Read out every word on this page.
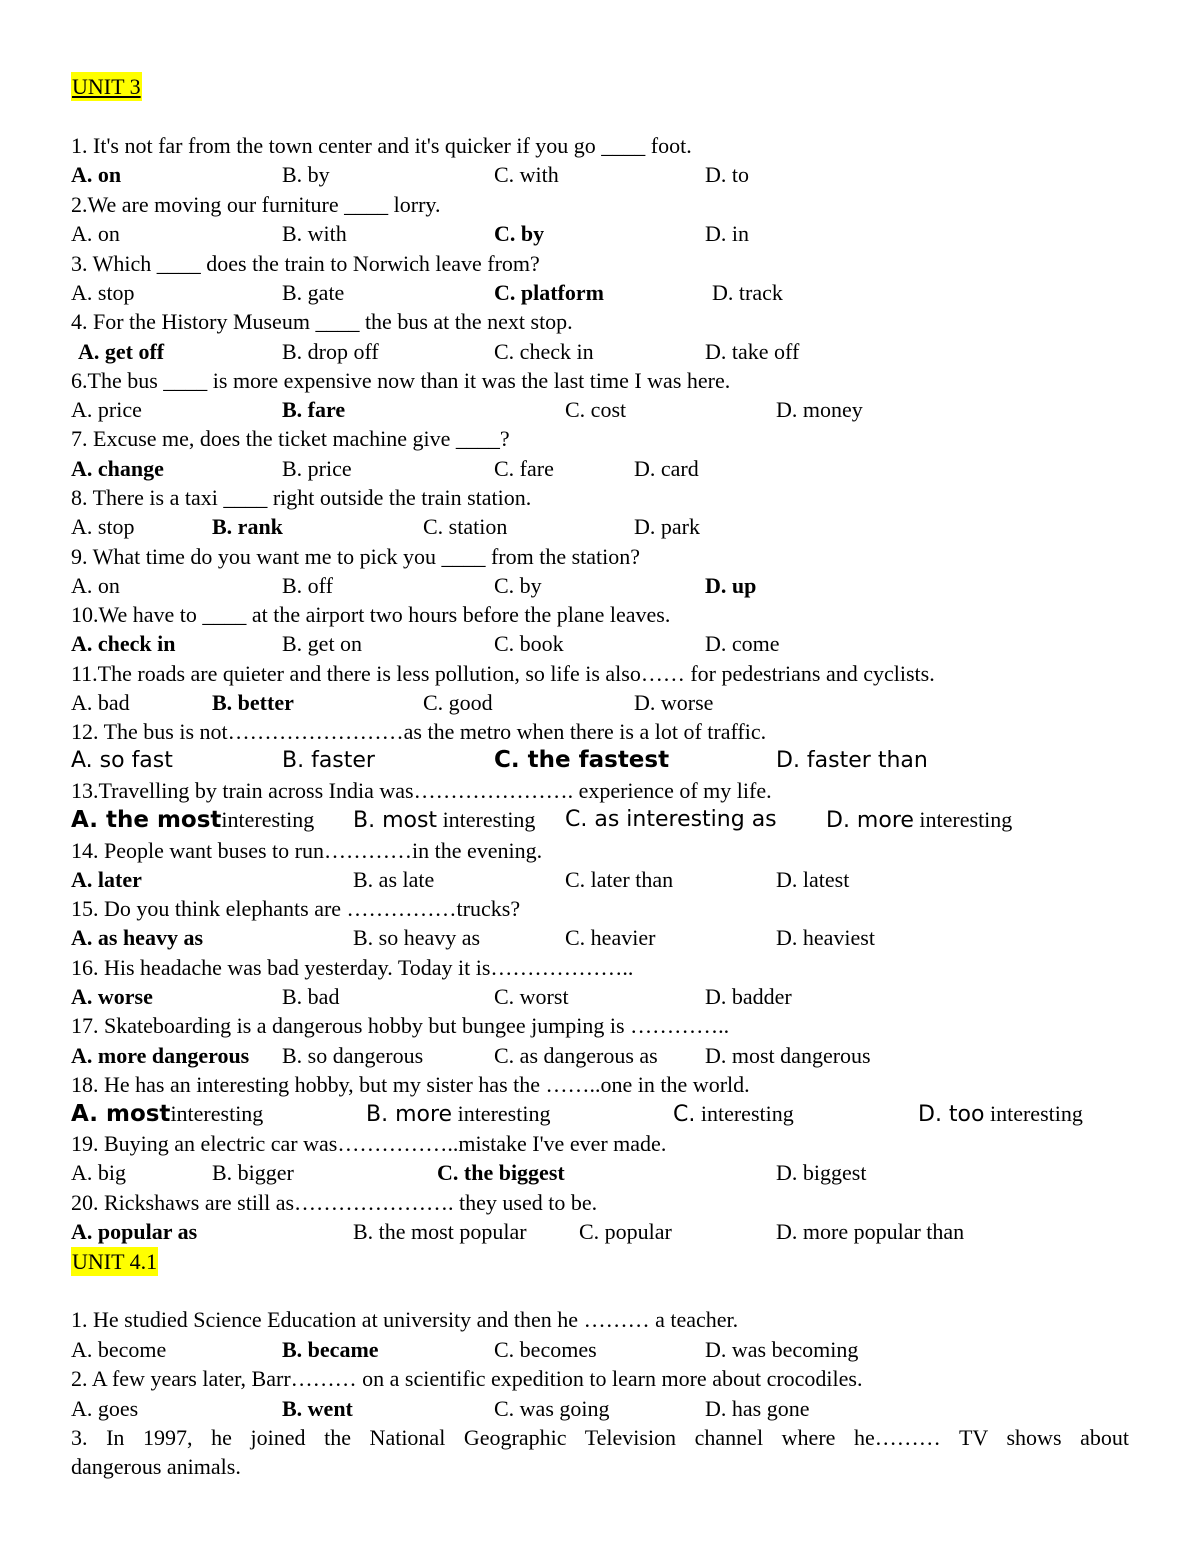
UNIT 3
1. It's not far from the town center and it's quicker if you go ____ foot.
A. on	B. by	C. with	D. to
2.We are moving our furniture ____ lorry.
A. on	B. with	C. by	D. in
3. Which ____ does the train to Norwich leave from?
A. stop	B. gate	C. platform	D. track
4. For the History Museum ____ the bus at the next stop.
A. get off	B. drop off	C. check in	D. take off
6.The bus ____ is more expensive now than it was the last time I was here.
A. price	B. fare	C. cost	D. money
7. Excuse me, does the ticket machine give ____?
A. change	B. price	C. fare	D. card
8. There is a taxi ____ right outside the train station.
A. stop	B. rank	C. station	D. park
9. What time do you want me to pick you ____ from the station?
A. on	B. off	C. by	D. up
10.We have to ____ at the airport two hours before the plane leaves.
A. check in	B. get on	C. book	D. come
11.The roads are quieter and there is less pollution, so life is also…… for pedestrians and cyclists.
A. bad	B. better	C. good	D. worse
12. The bus is not……………………as the metro when there is a lot of traffic.
A. so fast	B. faster	C. the fastest	D. faster than
13.Travelling by train across India was…………………. experience of my life.
A. the mostinteresting B. most interesting C. as interesting as D. more interesting
14. People want buses to run…………in the evening.
A. later	B. as late	C. later than	D. latest
15. Do you think elephants are ……………trucks?
A. as heavy as	B. so heavy as	C. heavier	D. heaviest
16. His headache was bad yesterday. Today it is………………..
A. worse	B. bad	C. worst	D. badder
17. Skateboarding is a dangerous hobby but bungee jumping is …………..
A. more dangerous B. so dangerous	C. as dangerous as D. most dangerous
18. He has an interesting hobby, but my sister has the ……..one in the world.
A. mostinteresting	B. more interesting	C. interesting	D. too interesting
19. Buying an electric car was……………..mistake I've ever made.
A. big	B. bigger	C. the biggest	D. biggest
20. Rickshaws are still as…………………. they used to be.
A. popular as	B. the most popular C. popular	D. more popular than
UNIT 4.1
1. He studied Science Education at university and then he ……… a teacher.
A. become	B. became	C. becomes	D. was becoming
2. A few years later, Barr……… on a scientific expedition to learn more about crocodiles.
A. goes	B. went	C. was going	D. has gone
3. In 1997, he joined the National Geographic Television channel where he……… TV shows about
dangerous animals.
